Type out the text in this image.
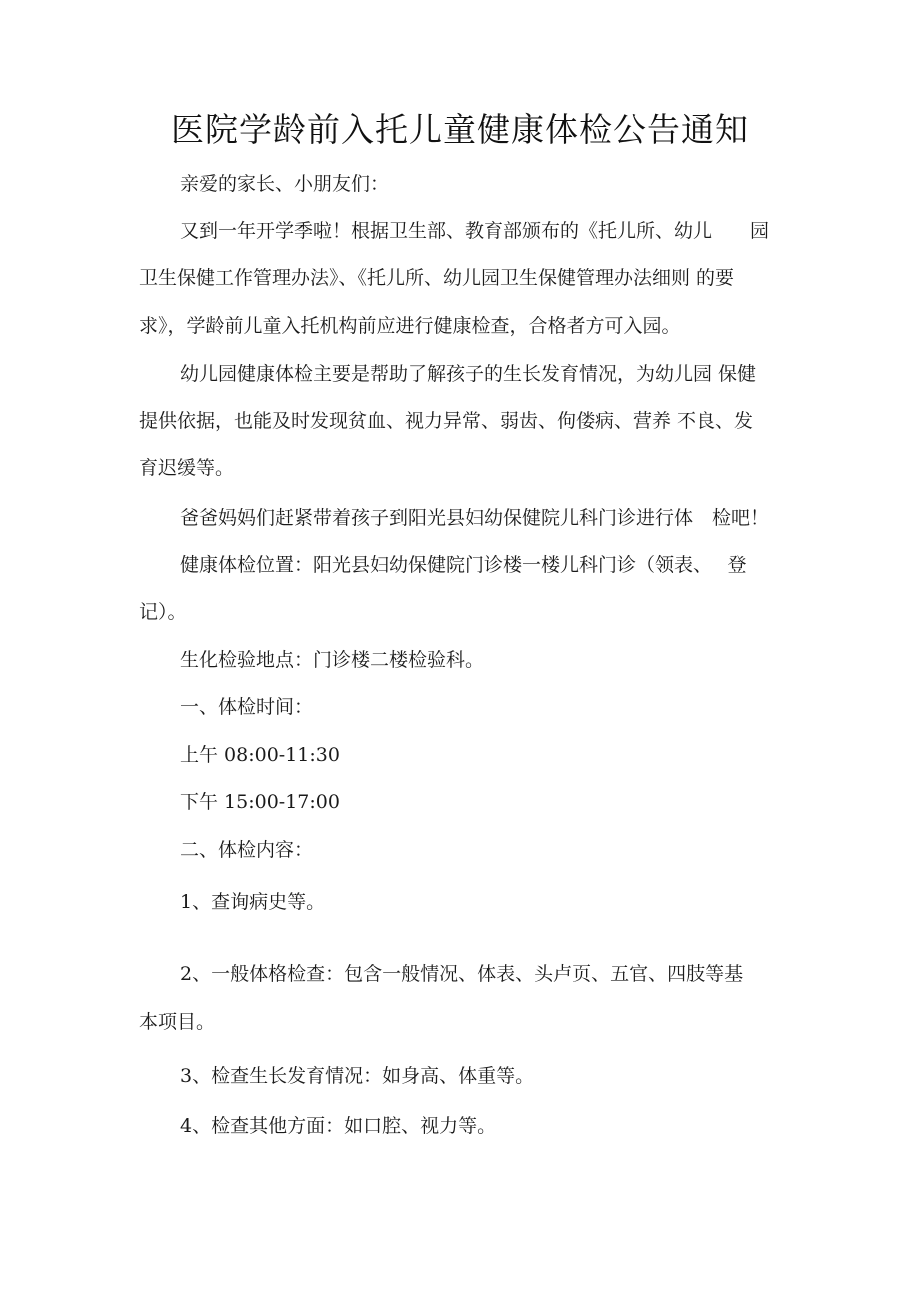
医院学龄前入托儿童健康体检公告通知

亲爱的家长、小朋友们：

又到一年开学季啦！根据卫生部、教育部颁布的《托儿所、幼儿　　园

卫生保健工作管理办法》、《托儿所、幼儿园卫生保健管理办法细则 的要

求》，学龄前儿童入托机构前应进行健康检查，合格者方可入园。

幼儿园健康体检主要是帮助了解孩子的生长发育情况，为幼儿园 保健

提供依据，也能及时发现贫血、视力异常、弱齿、佝偻病、营养 不良、发

育迟缓等。

爸爸妈妈们赶紧带着孩子到阳光县妇幼保健院儿科门诊进行体　检吧！

健康体检位置：阳光县妇幼保健院门诊楼一楼儿科门诊（领表、　 登

记）。

生化检验地点：门诊楼二楼检验科。

一、体检时间：

上午 08:00-11:30

下午 15:00-17:00

二、体检内容：

1、查询病史等。

2、一般体格检查：包含一般情况、体表、头卢页、五官、四肢等基

本项目。

3、检查生长发育情况：如身高、体重等。

4、检查其他方面：如口腔、视力等。
